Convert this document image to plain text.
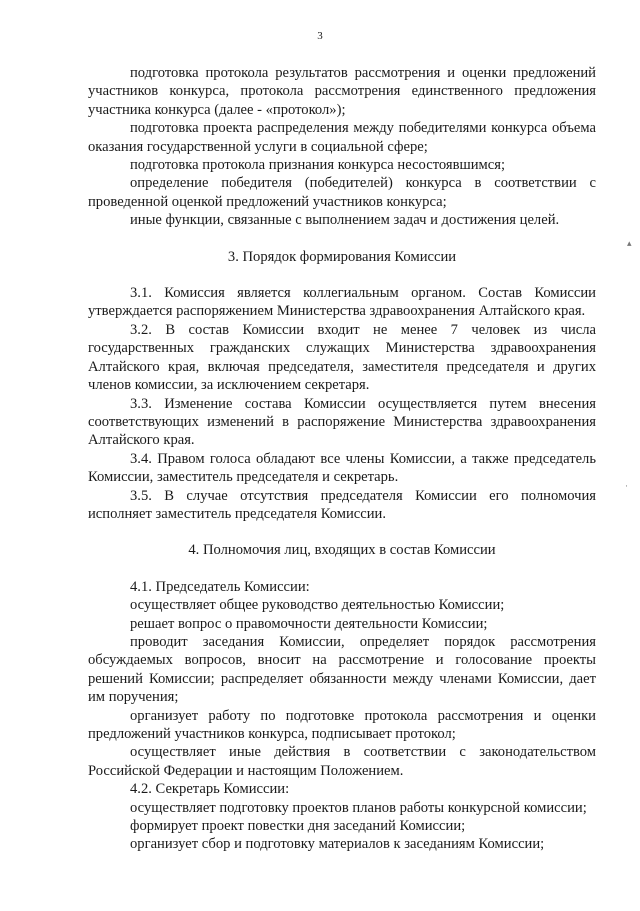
3

подготовка протокола результатов рассмотрения и оценки предложений участников конкурса, протокола рассмотрения единственного предложения участника конкурса (далее - «протокол»);

подготовка проекта распределения между победителями конкурса объема оказания государственной услуги в социальной сфере;

подготовка протокола признания конкурса несостоявшимся;

определение победителя (победителей) конкурса в соответствии с проведенной оценкой предложений участников конкурса;

иные функции, связанные с выполнением задач и достижения целей.

3. Порядок формирования Комиссии

3.1. Комиссия является коллегиальным органом. Состав Комиссии утверждается распоряжением Министерства здравоохранения Алтайского края.

3.2. В состав Комиссии входит не менее 7 человек из числа государственных гражданских служащих Министерства здравоохранения Алтайского края, включая председателя, заместителя председателя и других членов комиссии, за исключением секретаря.

3.3. Изменение состава Комиссии осуществляется путем внесения соответствующих изменений в распоряжение Министерства здравоохранения Алтайского края.

3.4. Правом голоса обладают все члены Комиссии, а также председатель Комиссии, заместитель председателя и секретарь.

3.5. В случае отсутствия председателя Комиссии его полномочия исполняет заместитель председателя Комиссии.

4. Полномочия лиц, входящих в состав Комиссии

4.1. Председатель Комиссии:

осуществляет общее руководство деятельностью Комиссии;

решает вопрос о правомочности деятельности Комиссии;

проводит заседания Комиссии, определяет порядок рассмотрения обсуждаемых вопросов, вносит на рассмотрение и голосование проекты решений Комиссии; распределяет обязанности между членами Комиссии, дает им поручения;

организует работу по подготовке протокола рассмотрения и оценки предложений участников конкурса, подписывает протокол;

осуществляет иные действия в соответствии с законодательством Российской Федерации и настоящим Положением.

4.2. Секретарь Комиссии:

осуществляет подготовку проектов планов работы конкурсной комиссии;

формирует проект повестки дня заседаний Комиссии;

организует сбор и подготовку материалов к заседаниям Комиссии;

▴
·
